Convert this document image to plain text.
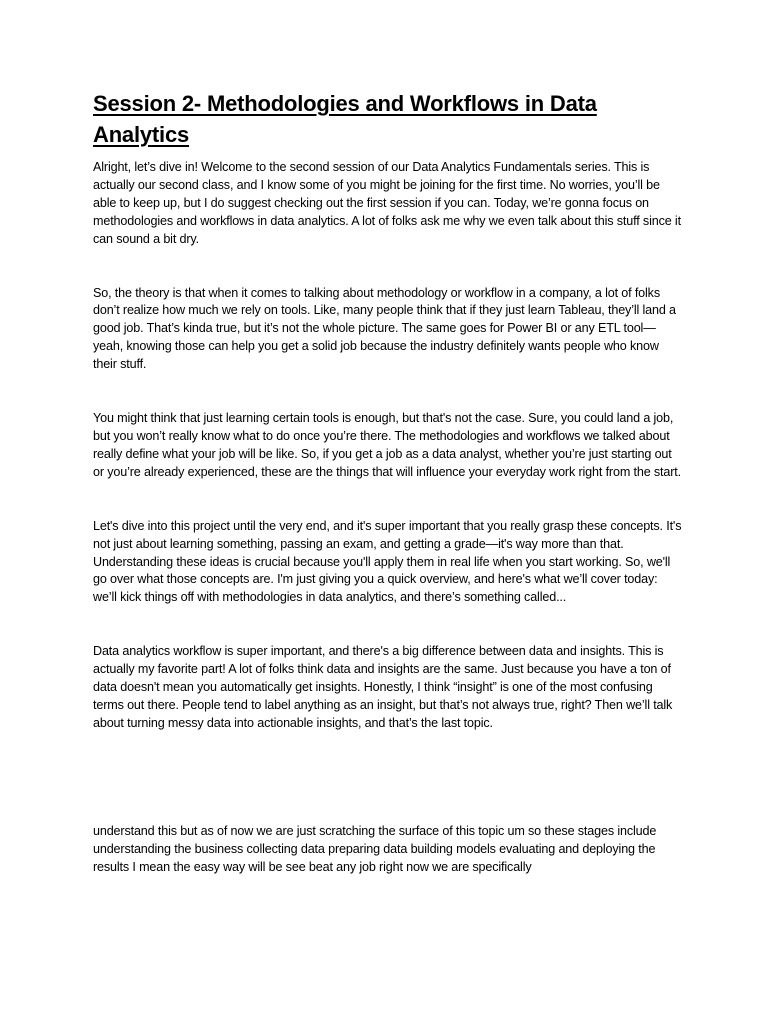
Session 2- Methodologies and Workflows in Data Analytics

Alright, let’s dive in! Welcome to the second session of our Data Analytics Fundamentals series. This is actually our second class, and I know some of you might be joining for the first time. No worries, you’ll be able to keep up, but I do suggest checking out the first session if you can. Today, we’re gonna focus on methodologies and workflows in data analytics. A lot of folks ask me why we even talk about this stuff since it can sound a bit dry.

So, the theory is that when it comes to talking about methodology or workflow in a company, a lot of folks don’t realize how much we rely on tools. Like, many people think that if they just learn Tableau, they’ll land a good job. That’s kinda true, but it’s not the whole picture. The same goes for Power BI or any ETL tool—yeah, knowing those can help you get a solid job because the industry definitely wants people who know their stuff.

You might think that just learning certain tools is enough, but that's not the case. Sure, you could land a job, but you won’t really know what to do once you’re there. The methodologies and workflows we talked about really define what your job will be like. So, if you get a job as a data analyst, whether you’re just starting out or you’re already experienced, these are the things that will influence your everyday work right from the start.

Let's dive into this project until the very end, and it's super important that you really grasp these concepts. It's not just about learning something, passing an exam, and getting a grade—it's way more than that. Understanding these ideas is crucial because you'll apply them in real life when you start working. So, we'll go over what those concepts are. I'm just giving you a quick overview, and here's what we’ll cover today: we’ll kick things off with methodologies in data analytics, and there’s something called...

Data analytics workflow is super important, and there's a big difference between data and insights. This is actually my favorite part! A lot of folks think data and insights are the same. Just because you have a ton of data doesn't mean you automatically get insights. Honestly, I think “insight” is one of the most confusing terms out there. People tend to label anything as an insight, but that’s not always true, right? Then we’ll talk about turning messy data into actionable insights, and that’s the last topic.

understand this but as of now we are just scratching the surface of this topic um so these stages include understanding the business collecting data preparing data building models evaluating and deploying the results I mean the easy way will be see beat any job right now we are specifically
